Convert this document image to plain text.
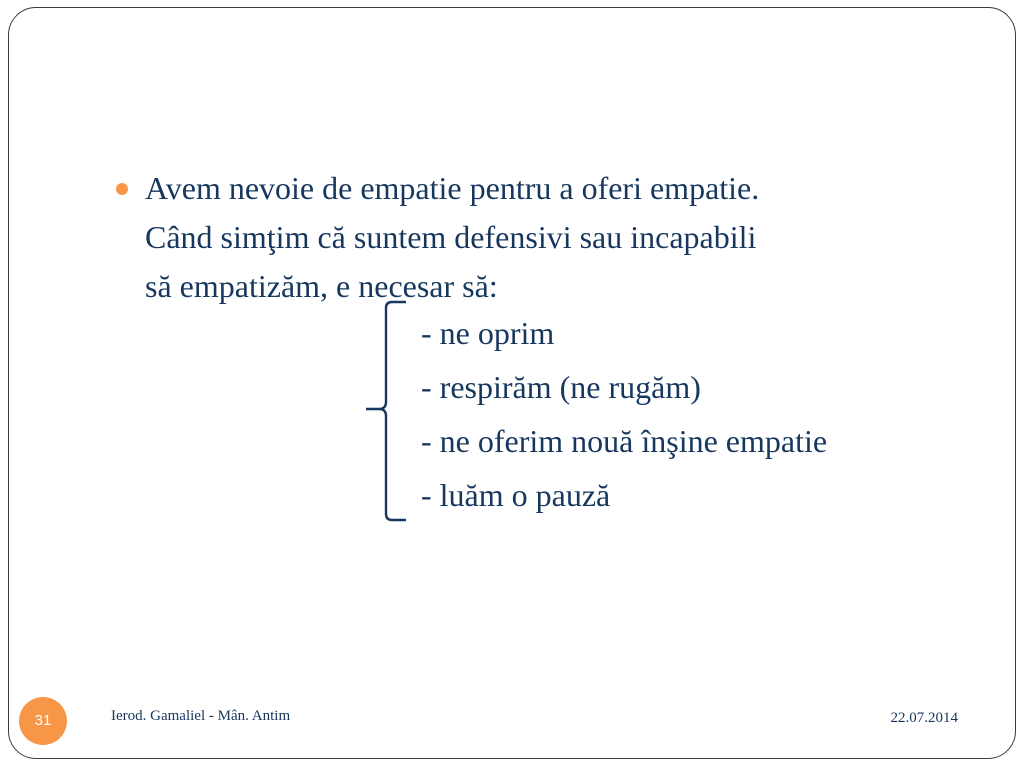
Avem nevoie de empatie pentru a oferi empatie.
Când simţim că suntem defensivi sau incapabili
să empatizăm, e necesar să:
- ne oprim
- respirăm (ne rugăm)
- ne oferim nouă înşine empatie
- luăm o pauză
31	Ierod. Gamaliel - Mân. Antim	22.07.2014
